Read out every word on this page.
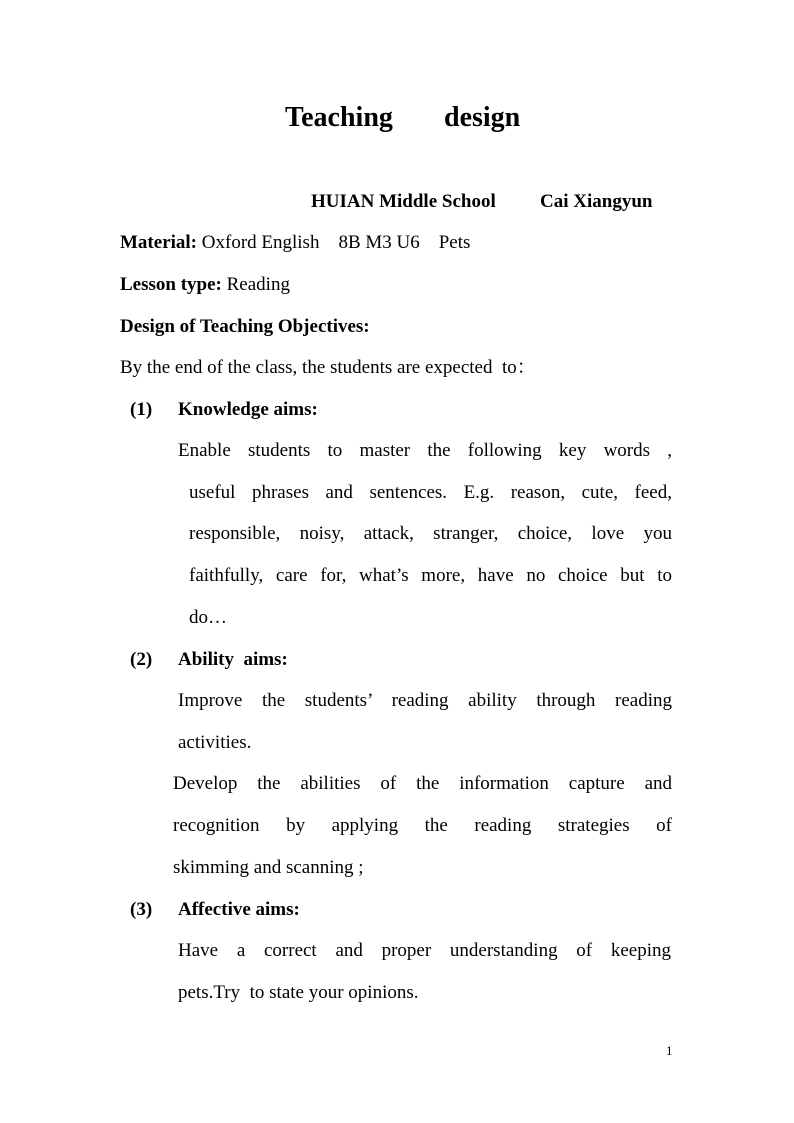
Teaching design
HUIAN Middle School Cai Xiangyun
Material: Oxford English    8B M3 U6    Pets
Lesson type: Reading
Design of Teaching Objectives:
By the end of the class, the students are expected  to：
(1) Knowledge aims:
Enable students to master the following key words ,
useful phrases and sentences. E.g. reason, cute, feed,
responsible, noisy, attack, stranger, choice, love you
faithfully, care for, what’s more, have no choice but to
do…
(2) Ability  aims:
Improve the students’ reading ability through reading
activities.
Develop the abilities of the information capture and
recognition by applying the reading strategies of
skimming and scanning ;
(3) Affective aims:
Have a correct and proper understanding of keeping
pets.Try  to state your opinions.
1
